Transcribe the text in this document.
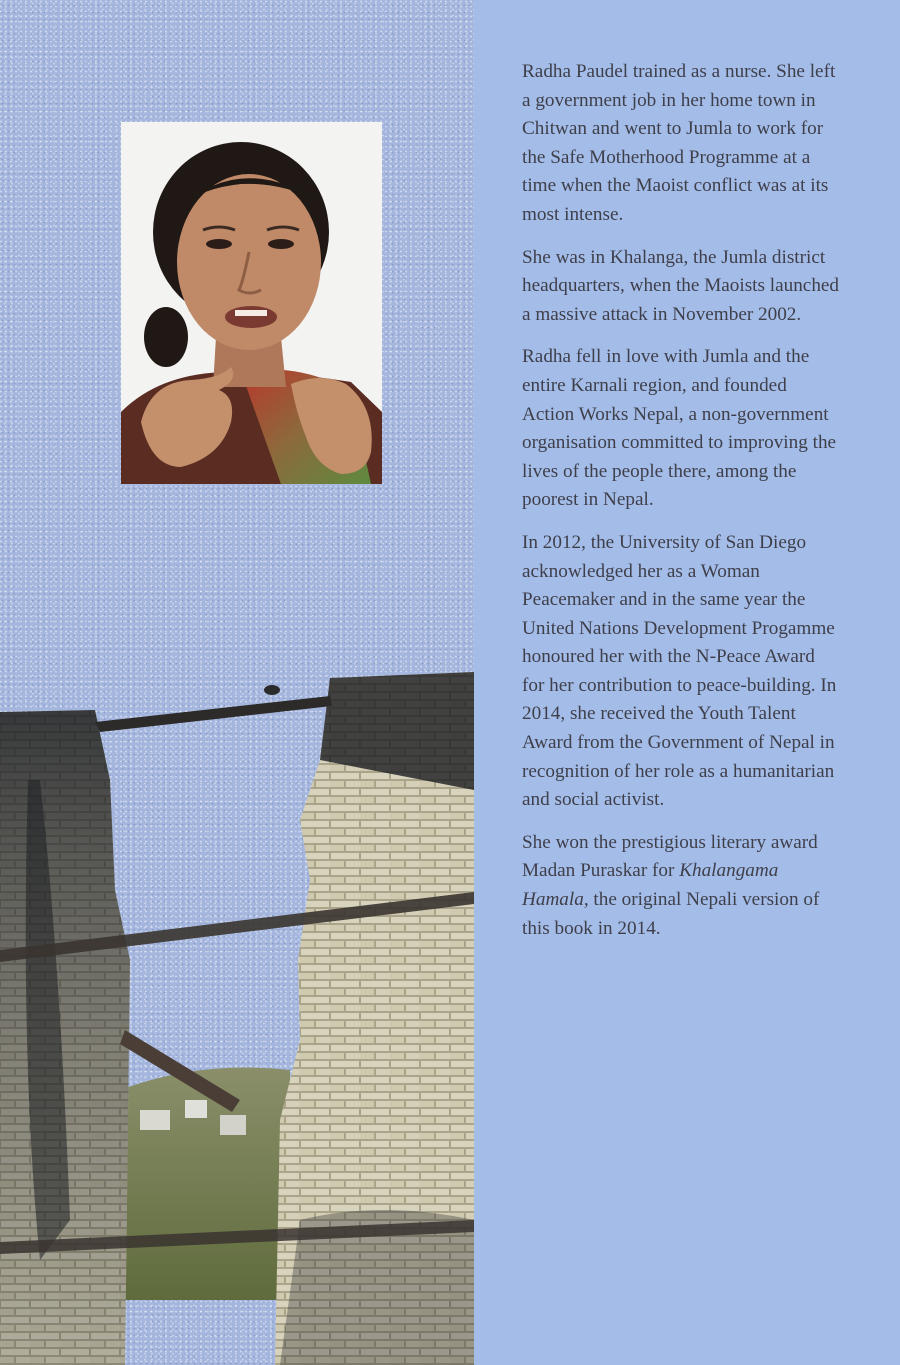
Radha Paudel trained as a nurse. She left a government job in her home town in Chitwan and went to Jumla to work for the Safe Motherhood Programme at a time when the Maoist conflict was at its most intense.

She was in Khalanga, the Jumla district headquarters, when the Maoists launched a massive attack in November 2002.

Radha fell in love with Jumla and the entire Karnali region, and founded Action Works Nepal, a non-government organisation committed to improving the lives of the people there, among the poorest in Nepal.

In 2012, the University of San Diego acknowledged her as a Woman Peacemaker and in the same year the United Nations Development Progamme honoured her with the N-Peace Award for her contribution to peace-building. In 2014, she received the Youth Talent Award from the Government of Nepal in recognition of her role as a humanitarian and social activist.

She won the prestigious literary award Madan Puraskar for Khalangama Hamala, the original Nepali version of this book in 2014.
